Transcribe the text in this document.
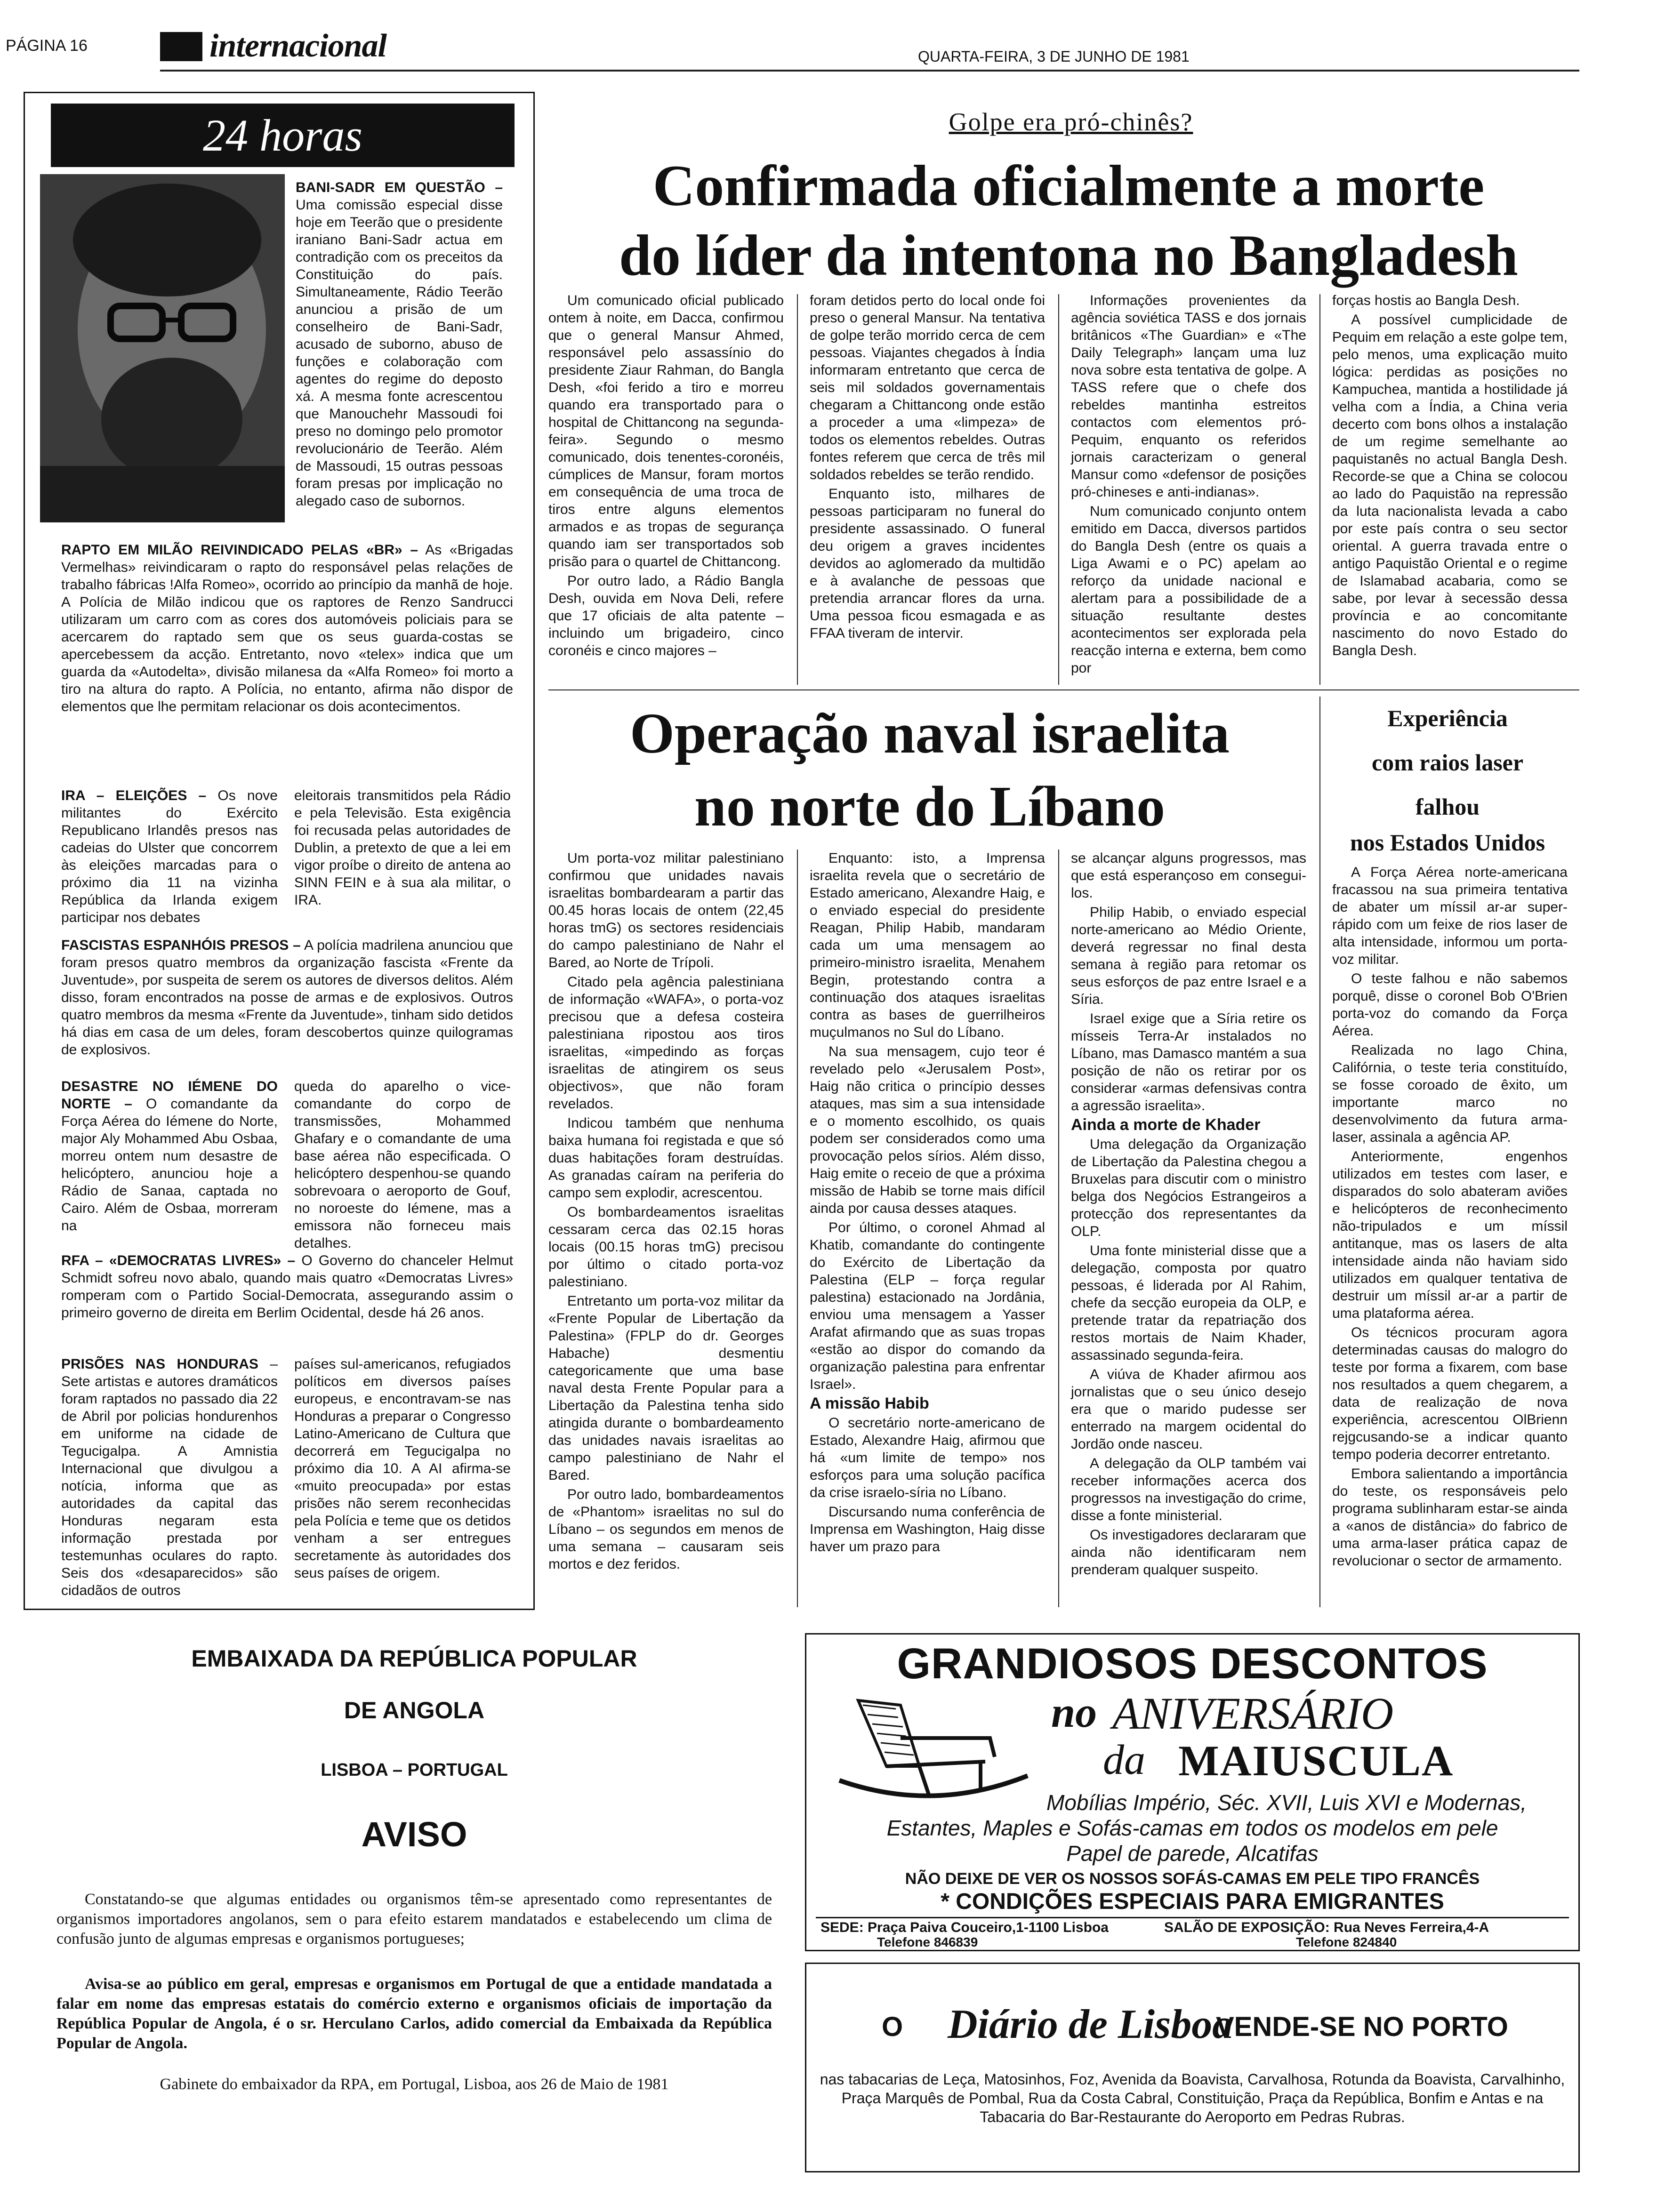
PÁGINA 16	internacional	QUARTA-FEIRA, 3 DE JUNHO DE 1981
24 horas
BANI-SADR EM QUESTÃO – Uma comissão especial disse hoje em Teerão que o presidente iraniano Bani-Sadr actua em contradição com os preceitos da Constituição do país. Simultaneamente, Rádio Teerão anunciou a prisão de um conselheiro de Bani-Sadr, acusado de suborno, abuso de funções e colaboração com agentes do regime do deposto xá. A mesma fonte acrescentou que Manouchehr Massoudi foi preso no domingo pelo promotor revolucionário de Teerão. Além de Massoudi, 15 outras pessoas foram presas por implicação no alegado caso de subornos.
RAPTO EM MILÃO REIVINDICADO PELAS «BR» – As «Brigadas Vermelhas» reivindicaram o rapto do responsável pelas relações de trabalho fábricas !Alfa Romeo», ocorrido ao princípio da manhã de hoje. A Polícia de Milão indicou que os raptores de Renzo Sandrucci utilizaram um carro com as cores dos automóveis policiais para se acercarem do raptado sem que os seus guarda-costas se apercebessem da acção. Entretanto, novo «telex» indica que um guarda da «Autodelta», divisão milanesa da «Alfa Romeo» foi morto a tiro na altura do rapto. A Polícia, no entanto, afirma não dispor de elementos que lhe permitam relacionar os dois acontecimentos.
IRA – ELEIÇÕES – Os nove militantes do Exército Republicano Irlandês presos nas cadeias do Ulster que concorrem às eleições marcadas para o próximo dia 11 na vizinha República da Irlanda exigem participar nos debates
eleitorais transmitidos pela Rádio e pela Televisão. Esta exigência foi recusada pelas autoridades de Dublin, a pretexto de que a lei em vigor proíbe o direito de antena ao SINN FEIN e à sua ala militar, o IRA.
FASCISTAS ESPANHÓIS PRESOS – A polícia madrilena anunciou que foram presos quatro membros da organização fascista «Frente da Juventude», por suspeita de serem os autores de diversos delitos. Além disso, foram encontrados na posse de armas e de explosivos. Outros quatro membros da mesma «Frente da Juventude», tinham sido detidos há dias em casa de um deles, foram descobertos quinze quilogramas de explosivos.
DESASTRE NO IÉMENE DO NORTE – O comandante da Força Aérea do Iémene do Norte, major Aly Mohammed Abu Osbaa, morreu ontem num desastre de helicóptero, anunciou hoje a Rádio de Sanaa, captada no Cairo. Além de Osbaa, morreram na
queda do aparelho o vice-comandante do corpo de transmissões, Mohammed Ghafary e o comandante de uma base aérea não especificada. O helicóptero despenhou-se quando sobrevoara o aeroporto de Gouf, no noroeste do Iémene, mas a emissora não forneceu mais detalhes.
RFA – «DEMOCRATAS LIVRES» – O Governo do chanceler Helmut Schmidt sofreu novo abalo, quando mais quatro «Democratas Livres» romperam com o Partido Social-Democrata, assegurando assim o primeiro governo de direita em Berlim Ocidental, desde há 26 anos.
PRISÕES NAS HONDURAS – Sete artistas e autores dramáticos foram raptados no passado dia 22 de Abril por policias hondurenhos em uniforme na cidade de Tegucigalpa. A Amnistia Internacional que divulgou a notícia, informa que as autoridades da capital das Honduras negaram esta informação prestada por testemunhas oculares do rapto. Seis dos «desaparecidos» são cidadãos de outros
países sul-americanos, refugiados políticos em diversos países europeus, e encontravam-se nas Honduras a preparar o Congresso Latino-Americano de Cultura que decorrerá em Tegucigalpa no próximo dia 10. A AI afirma-se «muito preocupada» por estas prisões não serem reconhecidas pela Polícia e teme que os detidos venham a ser entregues secretamente às autoridades dos seus países de origem.
Golpe era pró-chinês?
Confirmada oficialmente a morte
do líder da intentona no Bangladesh

Um comunicado oficial publicado ontem à noite, em Dacca, confirmou que o general Mansur Ahmed, responsável pelo assassínio do presidente Ziaur Rahman, do Bangla Desh, «foi ferido a tiro e morreu quando era transportado para o hospital de Chittancong na segunda-feira». Segundo o mesmo comunicado, dois tenentes-coronéis, cúmplices de Mansur, foram mortos em consequência de uma troca de tiros entre alguns elementos armados e as tropas de segurança quando iam ser transportados sob prisão para o quartel de Chittancong.

Por outro lado, a Rádio Bangla Desh, ouvida em Nova Deli, refere que 17 oficiais de alta patente – incluindo um brigadeiro, cinco coronéis e cinco majores –

foram detidos perto do local onde foi preso o general Mansur. Na tentativa de golpe terão morrido cerca de cem pessoas. Viajantes chegados à Índia informaram entretanto que cerca de seis mil soldados governamentais chegaram a Chittancong onde estão a proceder a uma «limpeza» de todos os elementos rebeldes. Outras fontes referem que cerca de três mil soldados rebeldes se terão rendido.

Enquanto isto, milhares de pessoas participaram no funeral do presidente assassinado. O funeral deu origem a graves incidentes devidos ao aglomerado da multidão e à avalanche de pessoas que pretendia arrancar flores da urna. Uma pessoa ficou esmagada e as FFAA tiveram de intervir.

Informações provenientes da agência soviética TASS e dos jornais britânicos «The Guardian» e «The Daily Telegraph» lançam uma luz nova sobre esta tentativa de golpe. A TASS refere que o chefe dos rebeldes mantinha estreitos contactos com elementos pró-Pequim, enquanto os referidos jornais caracterizam o general Mansur como «defensor de posições pró-chineses e anti-indianas».

Num comunicado conjunto ontem emitido em Dacca, diversos partidos do Bangla Desh (entre os quais a Liga Awami e o PC) apelam ao reforço da unidade nacional e alertam para a possibilidade de a situação resultante destes acontecimentos ser explorada pela reacção interna e externa, bem como por

forças hostis ao Bangla Desh.

A possível cumplicidade de Pequim em relação a este golpe tem, pelo menos, uma explicação muito lógica: perdidas as posições no Kampuchea, mantida a hostilidade já velha com a Índia, a China veria decerto com bons olhos a instalação de um regime semelhante ao paquistanês no actual Bangla Desh. Recorde-se que a China se colocou ao lado do Paquistão na repressão da luta nacionalista levada a cabo por este país contra o seu sector oriental. A guerra travada entre o antigo Paquistão Oriental e o regime de Islamabad acabaria, como se sabe, por levar à secessão dessa província e ao concomitante nascimento do novo Estado do Bangla Desh.

Operação naval israelita
no norte do Líbano

Um porta-voz militar palestiniano confirmou que unidades navais israelitas bombardearam a partir das 00.45 horas locais de ontem (22,45 horas tmG) os sectores residenciais do campo palestiniano de Nahr el Bared, ao Norte de Trípoli.

Citado pela agência palestiniana de informação «WAFA», o porta-voz precisou que a defesa costeira palestiniana ripostou aos tiros israelitas, «impedindo as forças israelitas de atingirem os seus objectivos», que não foram revelados.

Indicou também que nenhuma baixa humana foi registada e que só duas habitações foram destruídas. As granadas caíram na periferia do campo sem explodir, acrescentou.

Os bombardeamentos israelitas cessaram cerca das 02.15 horas locais (00.15 horas tmG) precisou por último o citado porta-voz palestiniano.

Entretanto um porta-voz militar da «Frente Popular de Libertação da Palestina» (FPLP do dr. Georges Habache) desmentiu categoricamente que uma base naval desta Frente Popular para a Libertação da Palestina tenha sido atingida durante o bombardeamento das unidades navais israelitas ao campo palestiniano de Nahr el Bared.

Por outro lado, bombardeamentos de «Phantom» israelitas no sul do Líbano – os segundos em menos de uma semana – causaram seis mortos e dez feridos.

Enquanto: isto, a Imprensa israelita revela que o secretário de Estado americano, Alexandre Haig, e o enviado especial do presidente Reagan, Philip Habib, mandaram cada um uma mensagem ao primeiro-ministro israelita, Menahem Begin, protestando contra a continuação dos ataques israelitas contra as bases de guerrilheiros muçulmanos no Sul do Líbano.

Na sua mensagem, cujo teor é revelado pelo «Jerusalem Post», Haig não critica o princípio desses ataques, mas sim a sua intensidade e o momento escolhido, os quais podem ser considerados como uma provocação pelos sírios. Além disso, Haig emite o receio de que a próxima missão de Habib se torne mais difícil ainda por causa desses ataques.

Por último, o coronel Ahmad al Khatib, comandante do contingente do Exército de Libertação da Palestina (ELP – força regular palestina) estacionado na Jordânia, enviou uma mensagem a Yasser Arafat afirmando que as suas tropas «estão ao dispor do comando da organização palestina para enfrentar Israel».

A missão Habib

O secretário norte-americano de Estado, Alexandre Haig, afirmou que há «um limite de tempo» nos esforços para uma solução pacífica da crise israelo-síria no Líbano.

Discursando numa conferência de Imprensa em Washington, Haig disse haver um prazo para

se alcançar alguns progressos, mas que está esperançoso em consegui-los.

Philip Habib, o enviado especial norte-americano ao Médio Oriente, deverá regressar no final desta semana à região para retomar os seus esforços de paz entre Israel e a Síria.

Israel exige que a Síria retire os mísseis Terra-Ar instalados no Líbano, mas Damasco mantém a sua posição de não os retirar por os considerar «armas defensivas contra a agressão israelita».

Ainda a morte de Khader

Uma delegação da Organização de Libertação da Palestina chegou a Bruxelas para discutir com o ministro belga dos Negócios Estrangeiros a protecção dos representantes da OLP.

Uma fonte ministerial disse que a delegação, composta por quatro pessoas, é liderada por Al Rahim, chefe da secção europeia da OLP, e pretende tratar da repatriação dos restos mortais de Naim Khader, assassinado segunda-feira.

A viúva de Khader afirmou aos jornalistas que o seu único desejo era que o marido pudesse ser enterrado na margem ocidental do Jordão onde nasceu.

A delegação da OLP também vai receber informações acerca dos progressos na investigação do crime, disse a fonte ministerial.

Os investigadores declararam que ainda não identificaram nem prenderam qualquer suspeito.

Experiência
com raios laser
falhou
nos Estados Unidos

A Força Aérea norte-americana fracassou na sua primeira tentativa de abater um míssil ar-ar super-rápido com um feixe de rios laser de alta intensidade, informou um porta-voz militar.

O teste falhou e não sabemos porquê, disse o coronel Bob O'Brien porta-voz do comando da Força Aérea.

Realizada no lago China, Califórnia, o teste teria constituído, se fosse coroado de êxito, um importante marco no desenvolvimento da futura arma-laser, assinala a agência AP.

Anteriormente, engenhos utilizados em testes com laser, e disparados do solo abateram aviões e helicópteros de reconhecimento não-tripulados e um míssil antitanque, mas os lasers de alta intensidade ainda não haviam sido utilizados em qualquer tentativa de destruir um míssil ar-ar a partir de uma plataforma aérea.

Os técnicos procuram agora determinadas causas do malogro do teste por forma a fixarem, com base nos resultados a quem chegarem, a data de realização de nova experiência, acrescentou OlBrienn rejgcusando-se a indicar quanto tempo poderia decorrer entretanto.

Embora salientando a importância do teste, os responsáveis pelo programa sublinharam estar-se ainda a «anos de distância» do fabrico de uma arma-laser prática capaz de revolucionar o sector de armamento.

EMBAIXADA DA REPÚBLICA POPULAR
DE ANGOLA
LISBOA – PORTUGAL
AVISO
Constatando-se que algumas entidades ou organismos têm-se apresentado como representantes de organismos importadores angolanos, sem o para efeito estarem mandatados e estabelecendo um clima de confusão junto de algumas empresas e organismos portugueses;
Avisa-se ao público em geral, empresas e organismos em Portugal de que a entidade mandatada a falar em nome das empresas estatais do comércio externo e organismos oficiais de importação da República Popular de Angola, é o sr. Herculano Carlos, adido comercial da Embaixada da República Popular de Angola.
Gabinete do embaixador da RPA, em Portugal, Lisboa, aos 26 de Maio de 1981
GRANDIOSOS DESCONTOS
no ANIVERSÁRIO
da MAIUSCULA
Mobílias Império, Séc. XVII, Luis XVI e Modernas,
Estantes, Maples e Sofás-camas em todos os modelos em pele
Papel de parede, Alcatifas
NÃO DEIXE DE VER OS NOSSOS SOFÁS-CAMAS EM PELE TIPO FRANCÊS
* CONDIÇÕES ESPECIAIS PARA EMIGRANTES
SEDE: Praça Paiva Couceiro,1-1100 Lisboa	SALÃO DE EXPOSIÇÃO: Rua Neves Ferreira,4-A
Telefone 846839	Telefone 824840
O Diário de Lisboa
VENDE-SE NO PORTO
nas tabacarias de Leça, Matosinhos, Foz, Avenida da Boavista, Carvalhosa, Rotunda da Boavista, Carvalhinho, Praça Marquês de Pombal, Rua da Costa Cabral, Constituição, Praça da República, Bonfim e Antas e na Tabacaria do Bar-Restaurante do Aeroporto em Pedras Rubras.
